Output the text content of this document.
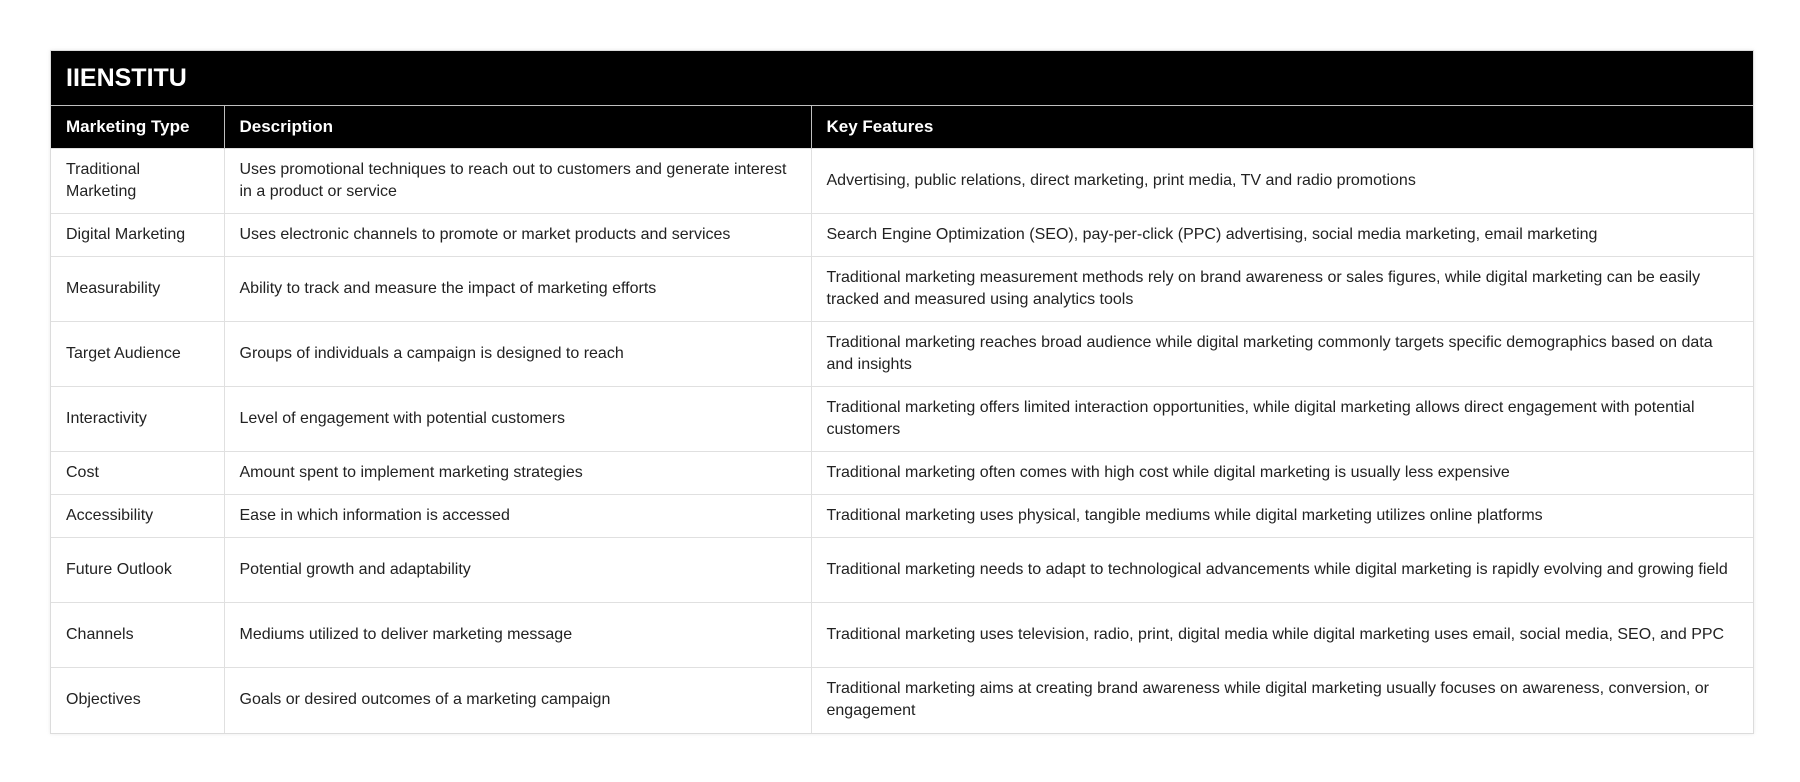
IIENSTITU		
Marketing Type	Description	Key Features
Traditional Marketing	Uses promotional techniques to reach out to customers and generate interest in a product or service	Advertising, public relations, direct marketing, print media, TV and radio promotions
Digital Marketing	Uses electronic channels to promote or market products and services	Search Engine Optimization (SEO), pay-per-click (PPC) advertising, social media marketing, email marketing
Measurability	Ability to track and measure the impact of marketing efforts	Traditional marketing measurement methods rely on brand awareness or sales figures, while digital marketing can be easily tracked and measured using analytics tools
Target Audience	Groups of individuals a campaign is designed to reach	Traditional marketing reaches broad audience while digital marketing commonly targets specific demographics based on data and insights
Interactivity	Level of engagement with potential customers	Traditional marketing offers limited interaction opportunities, while digital marketing allows direct engagement with potential customers
Cost	Amount spent to implement marketing strategies	Traditional marketing often comes with high cost while digital marketing is usually less expensive
Accessibility	Ease in which information is accessed	Traditional marketing uses physical, tangible mediums while digital marketing utilizes online platforms
Future Outlook	Potential growth and adaptability	Traditional marketing needs to adapt to technological advancements while digital marketing is rapidly evolving and growing field
Channels	Mediums utilized to deliver marketing message	Traditional marketing uses television, radio, print, digital media while digital marketing uses email, social media, SEO, and PPC
Objectives	Goals or desired outcomes of a marketing campaign	Traditional marketing aims at creating brand awareness while digital marketing usually focuses on awareness, conversion, or engagement
